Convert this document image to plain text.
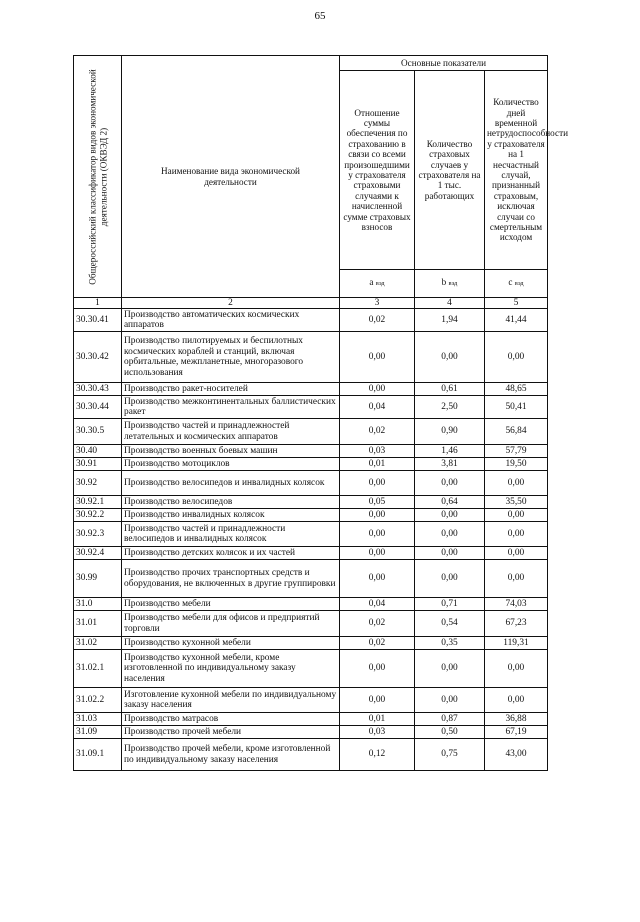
65
Общероссийский классификатор видов экономической деятельности (ОКВЭД 2)	Наименование вида экономической деятельности	Основные показатели		
		Отношение суммы обеспечения по страхованию в связи со всеми произошедшими у страхователя страховыми случаями к начисленной сумме страховых взносов	Количество страховых случаев у страхователя на 1 тыс. работающих	Количество дней временной нетрудоспособности у страхователя на 1 несчастный случай, признанный страховым, исключая случаи со смертельным исходом
		a вэд	b вэд	c вэд
1	2	3	4	5
30.30.41	Производство автоматических космических аппаратов	0,02	1,94	41,44
30.30.42	Производство пилотируемых и беспилотных космических кораблей и станций, включая орбитальные, межпланетные, многоразового использования	0,00	0,00	0,00
30.30.43	Производство ракет-носителей	0,00	0,61	48,65
30.30.44	Производство межконтинентальных баллистических ракет	0,04	2,50	50,41
30.30.5	Производство частей и принадлежностей летательных и космических аппаратов	0,02	0,90	56,84
30.40	Производство военных боевых машин	0,03	1,46	57,79
30.91	Производство мотоциклов	0,01	3,81	19,50
30.92	Производство велосипедов и инвалидных колясок	0,00	0,00	0,00
30.92.1	Производство велосипедов	0,05	0,64	35,50
30.92.2	Производство инвалидных колясок	0,00	0,00	0,00
30.92.3	Производство частей и принадлежности велосипедов и инвалидных колясок	0,00	0,00	0,00
30.92.4	Производство детских колясок и их частей	0,00	0,00	0,00
30.99	Производство прочих транспортных средств и оборудования, не включенных в другие группировки	0,00	0,00	0,00
31.0	Производство мебели	0,04	0,71	74,03
31.01	Производство мебели для офисов и предприятий торговли	0,02	0,54	67,23
31.02	Производство кухонной мебели	0,02	0,35	119,31
31.02.1	Производство кухонной мебели, кроме изготовленной по индивидуальному заказу населения	0,00	0,00	0,00
31.02.2	Изготовление кухонной мебели по индивидуальному заказу населения	0,00	0,00	0,00
31.03	Производство матрасов	0,01	0,87	36,88
31.09	Производство прочей мебели	0,03	0,50	67,19
31.09.1	Производство прочей мебели, кроме изготовленной по индивидуальному заказу населения	0,12	0,75	43,00
